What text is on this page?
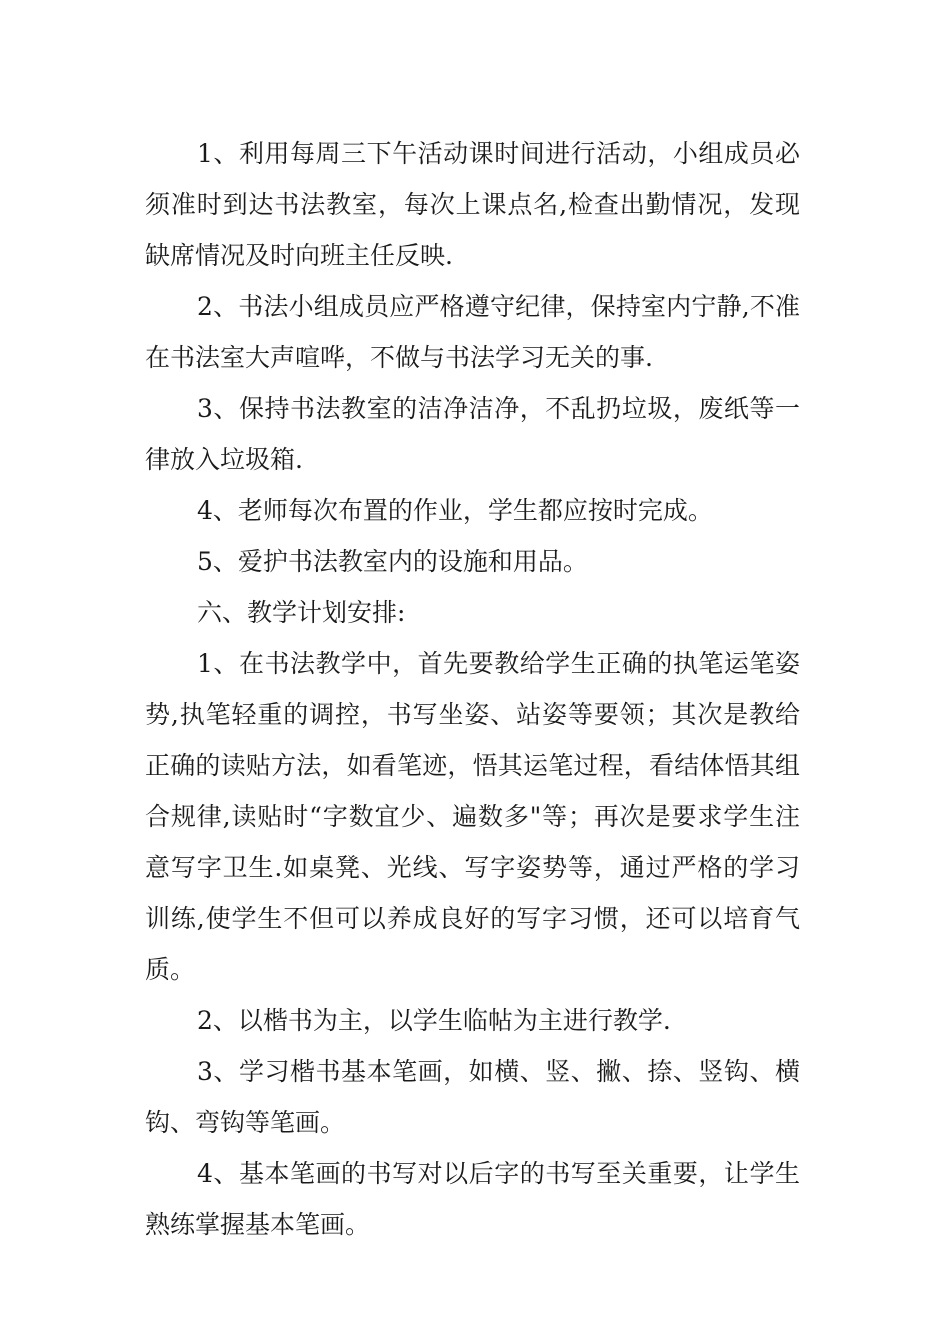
1、利用每周三下午活动课时间进行活动，小组成员必须准时到达书法教室，每次上课点名,检查出勤情况，发现缺席情况及时向班主任反映.

2、书法小组成员应严格遵守纪律，保持室内宁静,不准在书法室大声喧哗，不做与书法学习无关的事.

3、保持书法教室的洁净洁净，不乱扔垃圾，废纸等一律放入垃圾箱.

4、老师每次布置的作业，学生都应按时完成。

5、爱护书法教室内的设施和用品。

六、教学计划安排:

1、在书法教学中，首先要教给学生正确的执笔运笔姿势,执笔轻重的调控，书写坐姿、站姿等要领；其次是教给正确的读贴方法，如看笔迹，悟其运笔过程，看结体悟其组合规律,读贴时“字数宜少、遍数多"等；再次是要求学生注意写字卫生.如桌凳、光线、写字姿势等，通过严格的学习训练,使学生不但可以养成良好的写字习惯，还可以培育气质。

2、以楷书为主，以学生临帖为主进行教学.

3、学习楷书基本笔画，如横、竖、撇、捺、竖钩、横钩、弯钩等笔画。

4、基本笔画的书写对以后字的书写至关重要，让学生熟练掌握基本笔画。
